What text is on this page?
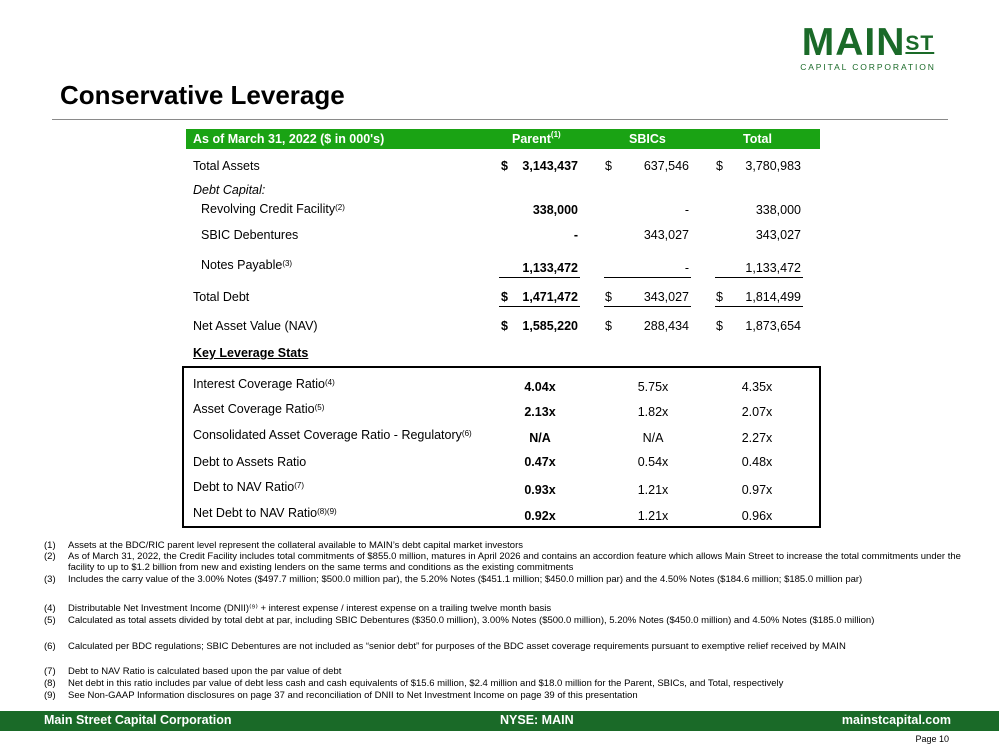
$MAIN^{ST}$
CAPITAL CORPORATION
Conservative Leverage
As of March 31, 2022 ($ in 000's)	Parent$^{(1)}$	SBICs	Total
Total Assets	$	3,143,437 $	637,546 $	3,780,983
Debt Capital:
Revolving Credit Facility$^{(2)}$	338,000	-	338,000
SBIC Debentures	-	343,027	343,027
Notes Payable$^{(3)}$	1,133,472	-	1,133,472
Total Debt	$	1,471,472 $	343,027 $	1,814,499
Net Asset Value (NAV)	$	1,585,220 $	288,434 $	1,873,654
Key Leverage Stats
Interest Coverage Ratio$^{(4)}$	4.04x	5.75x	4.35x
Asset Coverage Ratio$^{(5)}$	2.13x	1.82x	2.07x
Consolidated Asset Coverage Ratio - Regulatory$^{(6)}$	N/A	N/A	2.27x
Debt to Assets Ratio	0.47x	0.54x	0.48x
Debt to NAV Ratio$^{(7)}$	0.93x	1.21x	0.97x
Net Debt to NAV Ratio$^{(8)(9)}$	0.92x	1.21x	0.96x
(1) Assets at the BDC/RIC parent level represent the collateral available to MAIN’s debt capital market investors
(2) As of March 31, 2022, the Credit Facility includes total commitments of $855.0 million, matures in April 2026 and contains an accordion feature which allows Main Street to increase the total commitments under the facility to up to $1.2 billion from new and existing lenders on the same terms and conditions as the existing commitments
(3) Includes the carry value of the 3.00% Notes ($497.7 million; $500.0 million par), the 5.20% Notes ($451.1 million; $450.0 million par) and the 4.50% Notes ($184.6 million; $185.0 million par)
(4) Distributable Net Investment Income (DNII)⁽⁹⁾ + interest expense / interest expense on a trailing twelve month basis
(5) Calculated as total assets divided by total debt at par, including SBIC Debentures ($350.0 million), 3.00% Notes ($500.0 million), 5.20% Notes ($450.0 million) and 4.50% Notes ($185.0 million)
(6) Calculated per BDC regulations; SBIC Debentures are not included as “senior debt” for purposes of the BDC asset coverage requirements pursuant to exemptive relief received by MAIN
(7) Debt to NAV Ratio is calculated based upon the par value of debt
(8) Net debt in this ratio includes par value of debt less cash and cash equivalents of $15.6 million, $2.4 million and $18.0 million for the Parent, SBICs, and Total, respectively
(9) See Non-GAAP Information disclosures on page 37 and reconciliation of DNII to Net Investment Income on page 39 of this presentation
Main Street Capital Corporation	NYSE: MAIN	mainstcapital.com
Page 10
